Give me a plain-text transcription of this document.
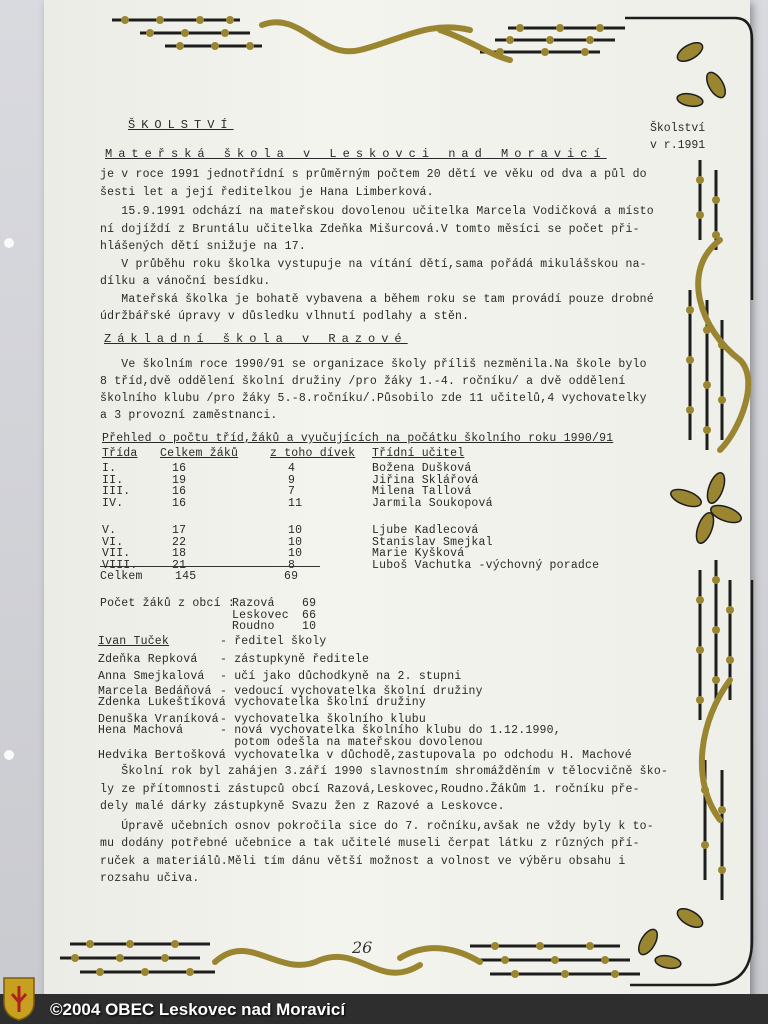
Školství
v r.1991
ŠKOLSTVÍ
Mateřská škola v Leskovci nad Moravicí
je v roce 1991 jednotřídní s průměrným počtem 20 dětí ve věku od dva a půl do
šesti let a její ředitelkou je Hana Limberková.
15.9.1991 odchází na mateřskou dovolenou učitelka Marcela Vodičková a místo
ní dojíždí z Bruntálu učitelka Zdeňka Mišurcová.V tomto měsíci se počet při-
hlášených dětí snižuje na 17.
V průběhu roku školka vystupuje na vítání dětí,sama pořádá mikulášskou na-
dílku a vánoční besídku.
Mateřská školka je bohatě vybavena a během roku se tam provádí pouze drobné
údržbářské úpravy v důsledku vlhnutí podlahy a stěn.
Základní škola v Razové
Ve školním roce 1990/91 se organizace školy příliš nezměnila.Na škole bylo
8 tříd,dvě oddělení školní družiny /pro žáky 1.-4. ročníku/ a dvě oddělení
školního klubu /pro žáky 5.-8.ročníku/.Působilo zde 11 učitelů,4 vychovatelky
a 3 provozní zaměstnanci.
Přehled o počtu tříd,žáků a vyučujících na počátku školního roku 1990/91
Třída Celkem žáků	z toho dívek Třídní učitel
I.	16	4	Božena Dušková
II.	19	9	Jiřina Sklářová
III.	16	7	Milena Tallová
IV.	16	11	Jarmila Soukopová
V.	17	10	Ljube Kadlecová
VI.	22	10	Stanislav Smejkal
VII.	18	10	Marie Kyšková
VIII.	21	8	Luboš Vachutka -výchovný poradce
Celkem	145	69
Počet žáků z obcí :
Razová 69
Leskovec 66
Roudno 10
Ivan Tuček	- ředitel školy
Zdeňka Repková - zástupkyně ředitele
Anna Smejkalová - učí jako důchodkyně na 2. stupni
Marcela Bedáňová - vedoucí vychovatelka školní družiny
Zdenka Lukeštíková
vychovatelka školní družiny
Denuška Vraníková - vychovatelka školního klubu
Hena Machová	- nová vychovatelka školního klubu do 1.12.1990,
potom odešla na mateřskou dovolenou
Hedvika Bertošková
vychovatelka v důchodě,zastupovala po odchodu H. Machové
Školní rok byl zahájen 3.září 1990 slavnostním shromážděním v tělocvičně ško-
ly ze přítomnosti zástupců obcí Razová,Leskovec,Roudno.Žákům 1. ročníku pře-
dely malé dárky zástupkyně Svazu žen z Razové a Leskovce.
Úpravě učebních osnov pokročila sice do 7. ročníku,avšak ne vždy byly k to-
mu dodány potřebné učebnice a tak učitelé museli čerpat látku z různých pří-
ruček a materiálů.Měli tím dánu větší možnost a volnost ve výběru obsahu i
rozsahu učiva.
26
©2004 OBEC Leskovec nad Moravicí
